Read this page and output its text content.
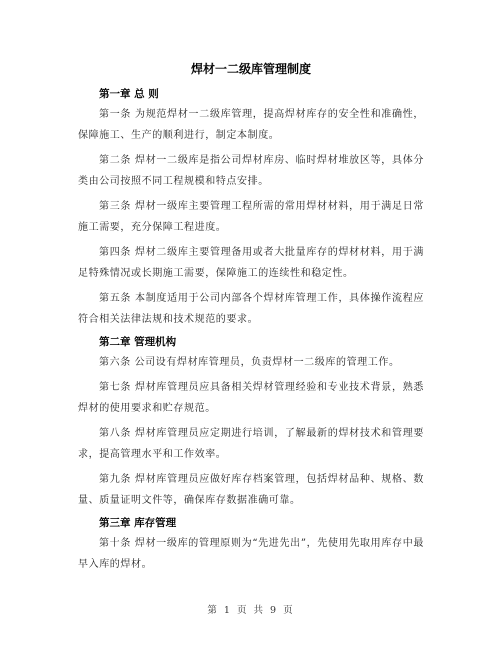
焊材一二级库管理制度
第一章 总 则

第一条 为规范焊材一二级库管理，提高焊材库存的安全性和准确性，保障施工、生产的顺利进行，制定本制度。

第二条 焊材一二级库是指公司焊材库房、临时焊材堆放区等，具体分类由公司按照不同工程规模和特点安排。

第三条 焊材一级库主要管理工程所需的常用焊材材料，用于满足日常施工需要，充分保障工程进度。

第四条 焊材二级库主要管理备用或者大批量库存的焊材材料，用于满足特殊情况或长期施工需要，保障施工的连续性和稳定性。

第五条 本制度适用于公司内部各个焊材库管理工作，具体操作流程应符合相关法律法规和技术规范的要求。

第二章 管理机构

第六条 公司设有焊材库管理员，负责焊材一二级库的管理工作。

第七条 焊材库管理员应具备相关焊材管理经验和专业技术背景，熟悉焊材的使用要求和贮存规范。

第八条 焊材库管理员应定期进行培训，了解最新的焊材技术和管理要求，提高管理水平和工作效率。

第九条 焊材库管理员应做好库存档案管理，包括焊材品种、规格、数量、质量证明文件等，确保库存数据准确可靠。

第三章 库存管理

第十条 焊材一级库的管理原则为“先进先出”，先使用先取用库存中最早入库的焊材。

第 1 页 共 9 页
